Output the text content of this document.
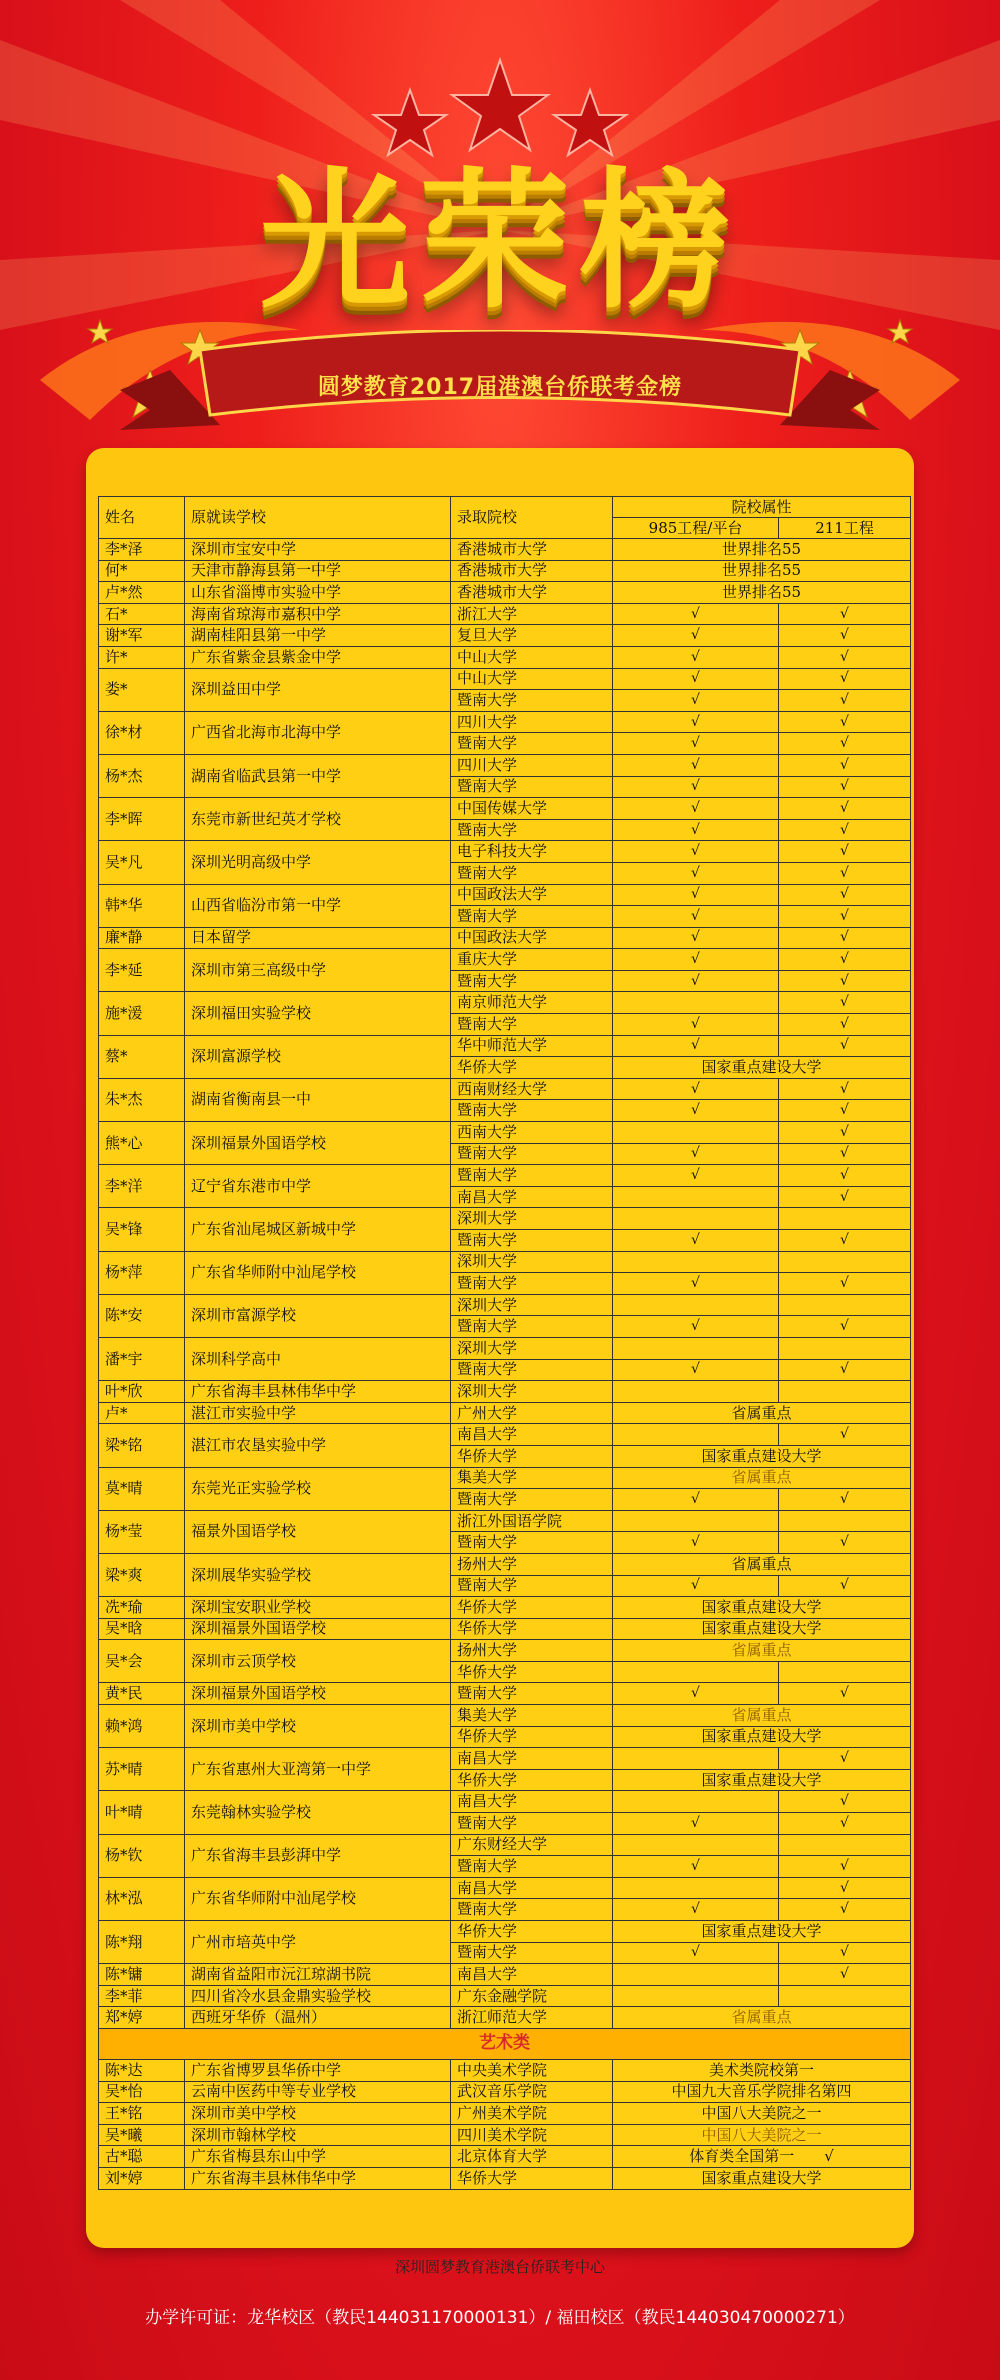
光荣榜
圆梦教育2017届港澳台侨联考金榜
姓名	原就读学校	录取院校	院校属性	
			985工程/平台	211工程
李*泽	深圳市宝安中学	香港城市大学	世界排名55	
何*	天津市静海县第一中学	香港城市大学	世界排名55	
卢*然	山东省淄博市实验中学	香港城市大学	世界排名55	
石*	海南省琼海市嘉积中学	浙江大学	√	√
谢*军	湖南桂阳县第一中学	复旦大学	√	√
许*	广东省紫金县紫金中学	中山大学	√	√
娄*	深圳益田中学	中山大学	√	√
		暨南大学	√	√
徐*材	广西省北海市北海中学	四川大学	√	√
		暨南大学	√	√
杨*杰	湖南省临武县第一中学	四川大学	√	√
		暨南大学	√	√
李*晖	东莞市新世纪英才学校	中国传媒大学	√	√
		暨南大学	√	√
吴*凡	深圳光明高级中学	电子科技大学	√	√
		暨南大学	√	√
韩*华	山西省临汾市第一中学	中国政法大学	√	√
		暨南大学	√	√
廉*静	日本留学	中国政法大学	√	√
李*延	深圳市第三高级中学	重庆大学	√	√
		暨南大学	√	√
施*湲	深圳福田实验学校	南京师范大学		√
		暨南大学	√	√
蔡*	深圳富源学校	华中师范大学	√	√
		华侨大学	国家重点建设大学	
朱*杰	湖南省衡南县一中	西南财经大学	√	√
		暨南大学	√	√
熊*心	深圳福景外国语学校	西南大学		√
		暨南大学	√	√
李*洋	辽宁省东港市中学	暨南大学	√	√
		南昌大学		√
吴*锋	广东省汕尾城区新城中学	深圳大学		
		暨南大学	√	√
杨*萍	广东省华师附中汕尾学校	深圳大学		
		暨南大学	√	√
陈*安	深圳市富源学校	深圳大学		
		暨南大学	√	√
潘*宇	深圳科学高中	深圳大学		
		暨南大学	√	√
叶*欣	广东省海丰县林伟华中学	深圳大学		
卢*	湛江市实验中学	广州大学	省属重点	
梁*铭	湛江市农垦实验中学	南昌大学		√
		华侨大学	国家重点建设大学	
莫*晴	东莞光正实验学校	集美大学	省属重点	
		暨南大学	√	√
杨*莹	福景外国语学校	浙江外国语学院		
		暨南大学	√	√
梁*爽	深圳展华实验学校	扬州大学	省属重点	
		暨南大学	√	√
冼*瑜	深圳宝安职业学校	华侨大学	国家重点建设大学	
吴*晗	深圳福景外国语学校	华侨大学	国家重点建设大学	
吴*会	深圳市云顶学校	扬州大学	省属重点	
		华侨大学		
黄*民	深圳福景外国语学校	暨南大学	√	√
赖*鸿	深圳市美中学校	集美大学	省属重点	
		华侨大学	国家重点建设大学	
苏*晴	广东省惠州大亚湾第一中学	南昌大学		√
		华侨大学	国家重点建设大学	
叶*晴	东莞翰林实验学校	南昌大学		√
		暨南大学	√	√
杨*钦	广东省海丰县彭湃中学	广东财经大学		
		暨南大学	√	√
林*泓	广东省华师附中汕尾学校	南昌大学		√
		暨南大学	√	√
陈*翔	广州市培英中学	华侨大学	国家重点建设大学	
		暨南大学	√	√
陈*镛	湖南省益阳市沅江琼湖书院	南昌大学		√
李*菲	四川省冷水县金鼎实验学校	广东金融学院		
郑*婷	西班牙华侨（温州）	浙江师范大学	省属重点	
艺术类				
陈*达	广东省博罗县华侨中学	中央美术学院	美术类院校第一	
吴*怡	云南中医药中等专业学校	武汉音乐学院	中国九大音乐学院排名第四	
王*铭	深圳市美中学校	广州美术学院	中国八大美院之一	
吴*曦	深圳市翰林学校	四川美术学院	中国八大美院之一	
古*聪	广东省梅县东山中学	北京体育大学	体育类全国第一　　√	
刘*婷	广东省海丰县林伟华中学	华侨大学	国家重点建设大学	
深圳圆梦教育港澳台侨联考中心
办学许可证：龙华校区（教民144031170000131）/ 福田校区（教民144030470000271）
